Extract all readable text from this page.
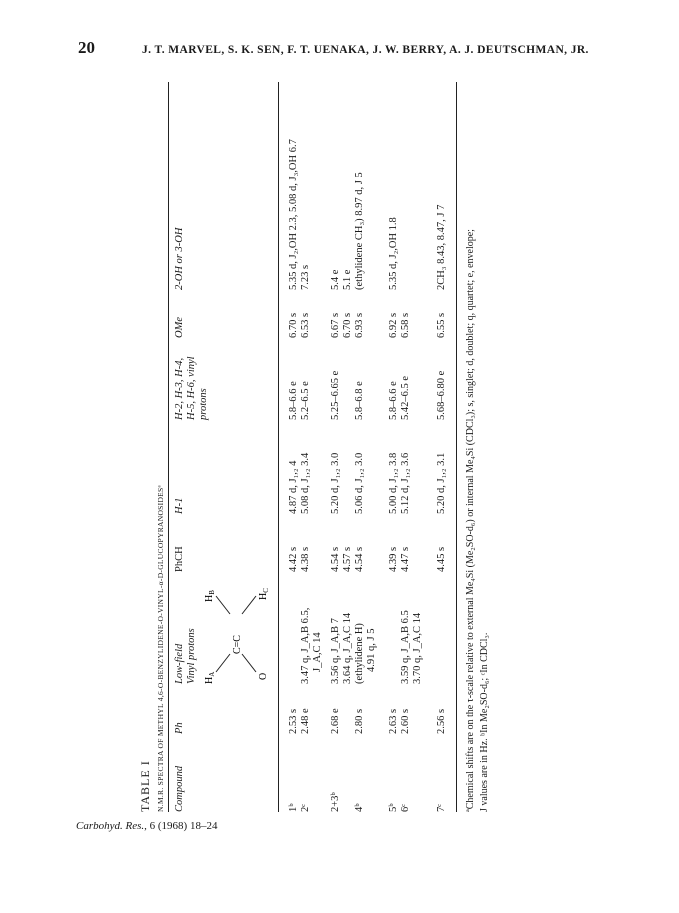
20	J. T. MARVEL, S. K. SEN, F. T. UENAKA, J. W. BERRY, A. J. DEUTSCHMAN, JR.
TABLE I N.M.R. SPECTRA OF METHYL 4,6-O-BENZYLIDENE-O-VINYL-α-D-GLUCOPYRANOSIDESª Compound
Ph
Low-field Vinyl protons
PhCH
H-1
H-2, H-3, H-4, H-5, H-6, vinyl protons
OMe
2-OH or 3-OH
$H_A$
$H_B$
C=C
O
$H_C$
1ᵇ
2.53 s
4.42 s
4.87 d, J₁,₂ 4
5.8–6.6 e
6.70 s
5.35 d, J₂,OH 2.3, 5.08 d, J₃,OH 6.7
2ᶜ
2.48 e
3.47 q, J_A,B 6.5, J_A,C 14
4.38 s
5.08 d, J₁,₂ 3.4
5.2–6.5 e
6.53 s
7.23 s
2+3ᵇ
2.68 e
3.56 q, J_A,B 7 3.64 q, J_A,C 14 (ethylidene H)
4.54 s 4.57 s
5.20 d, J₁,₂ 3.0
5.25–6.65 e
6.67 s 6.70 s
5.4 e 5.1 e
4ᵇ
2.80 s
4.91 q, J 5
4.54 s
5.06 d, J₁,₂ 3.0
5.8–6.8 e
6.93 s
(ethylidene CH₃) 8.97 d, J 5
5ᵇ
2.63 s
4.39 s
5.00 d, J₁,₂ 3.8
5.8–6.6 e
6.92 s
5.35 d, J₂,OH 1.8
6ᶜ
2.60 s
3.59 q, J_A,B 6.5 3.70 q, J_A,C 14
4.47 s
5.12 d, J₁,₂ 3.6
5.42–6.5 e
6.58 s
7ᶜ
2.56 s
4.45 s
5.20 d, J₁,₂ 3.1
5.68–6.80 e
6.55 s
2CH₃ 8.43, 8.47, J 7 ªChemical shifts are on the τ-scale relative to external Me₄Si (Me₂SO-d₆) or internal Me₄Si (CDCl₃); s, singlet; d, doublet; q, quartet; e, envelope; J values are in Hz. ᵇIn Me₂SO-d₆; ᶜIn CDCl₃.
Carbohyd. Res., 6 (1968) 18–24
